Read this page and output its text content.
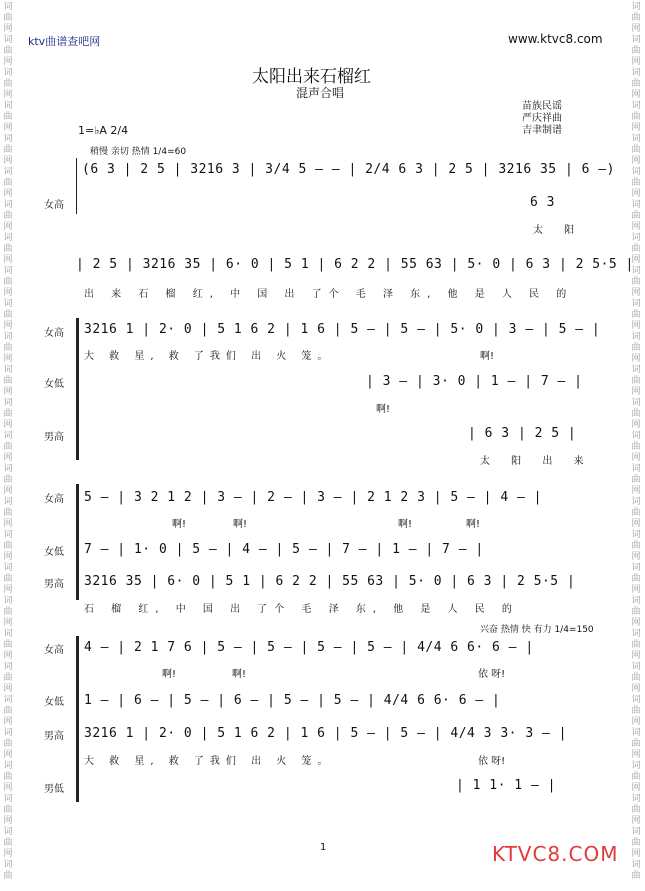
词
曲
网
词
曲
网
词
曲
网
词
曲
网
词
曲
网
词
曲
网
词
曲
网
词
曲
网
词
曲
网
词
曲
网
词
曲
网
词
曲
网
词
曲
网
词
曲
网
词
曲
网
词
曲
网
词
曲
网
词
曲
网
词
曲
网
词
曲
网
词
曲
网
词
曲
网
词
曲
网
词
曲
网
词
曲
网
词
曲
网
词
曲
词
曲
网
词
曲
网
词
曲
网
词
曲
网
词
曲
网
词
曲
网
词
曲
网
词
曲
网
词
曲
网
词
曲
网
词
曲
网
词
曲
网
词
曲
网
词
曲
网
词
曲
网
词
曲
网
词
曲
网
词
曲
网
词
曲
网
词
曲
网
词
曲
网
词
曲
网
词
曲
网
词
曲
网
词
曲
网
词
曲
网
词
曲
ktv曲谱查吧网	www.ktvc8.com
太阳出来石榴红
混声合唱
苗族民谣
严庆祥曲
吉聿制谱
1=♭A 2/4
稍慢 亲切 热情 1/4=60
女高
(6 3 | 2 5 | 3216 3 | 3/4 5 – – | 2/4 6 3 | 2 5 | 3216 35 | 6 –)
6 3
太 阳
| 2 5 | 3216 35 | 6· 0 | 5 1 | 6 2 2 | 55 63 | 5· 0 | 6 3 | 2 5·5 |
出 来 石 榴 红, 中 国 出 了个 毛 泽 东, 他 是 人 民 的
女高
女低
男高
3216 1 | 2· 0 | 5 1 6 2 | 1 6 | 5 – | 5 – | 5· 0 | 3 – | 5 – |
大 救 星, 救 了我们 出 火 笼。	啊!
| 3 – | 3· 0 | 1 – | 7 – |
啊!
| 6 3 | 2 5 |
太 阳 出 来
女高
女低
男高
5 – | 3 2 1 2 | 3 – | 2 – | 3 – | 2 1 2 3 | 5 – | 4 – |
啊!	啊!	啊!	啊!
7 – | 1· 0 | 5 – | 4 – | 5 – | 7 – | 1 – | 7 – |
3216 35 | 6· 0 | 5 1 | 6 2 2 | 55 63 | 5· 0 | 6 3 | 2 5·5 |
石 榴 红, 中 国 出 了个 毛 泽 东, 他 是 人 民 的
兴奋 热情 快 有力 1/4=150
女高
女低
男高
男低
4 – | 2 1 7 6 | 5 – | 5 – | 5 – | 5 – | 4/4 6 6· 6 – |
啊!	啊!	依 呀!
1 – | 6 – | 5 – | 6 – | 5 – | 5 – | 4/4 6 6· 6 – |
3216 1 | 2· 0 | 5 1 6 2 | 1 6 | 5 – | 5 – | 4/4 3 3· 3 – |
大 救 星, 救 了我们 出 火 笼。	依 呀!
| 1 1· 1 – |
1	KTVC8.COM
